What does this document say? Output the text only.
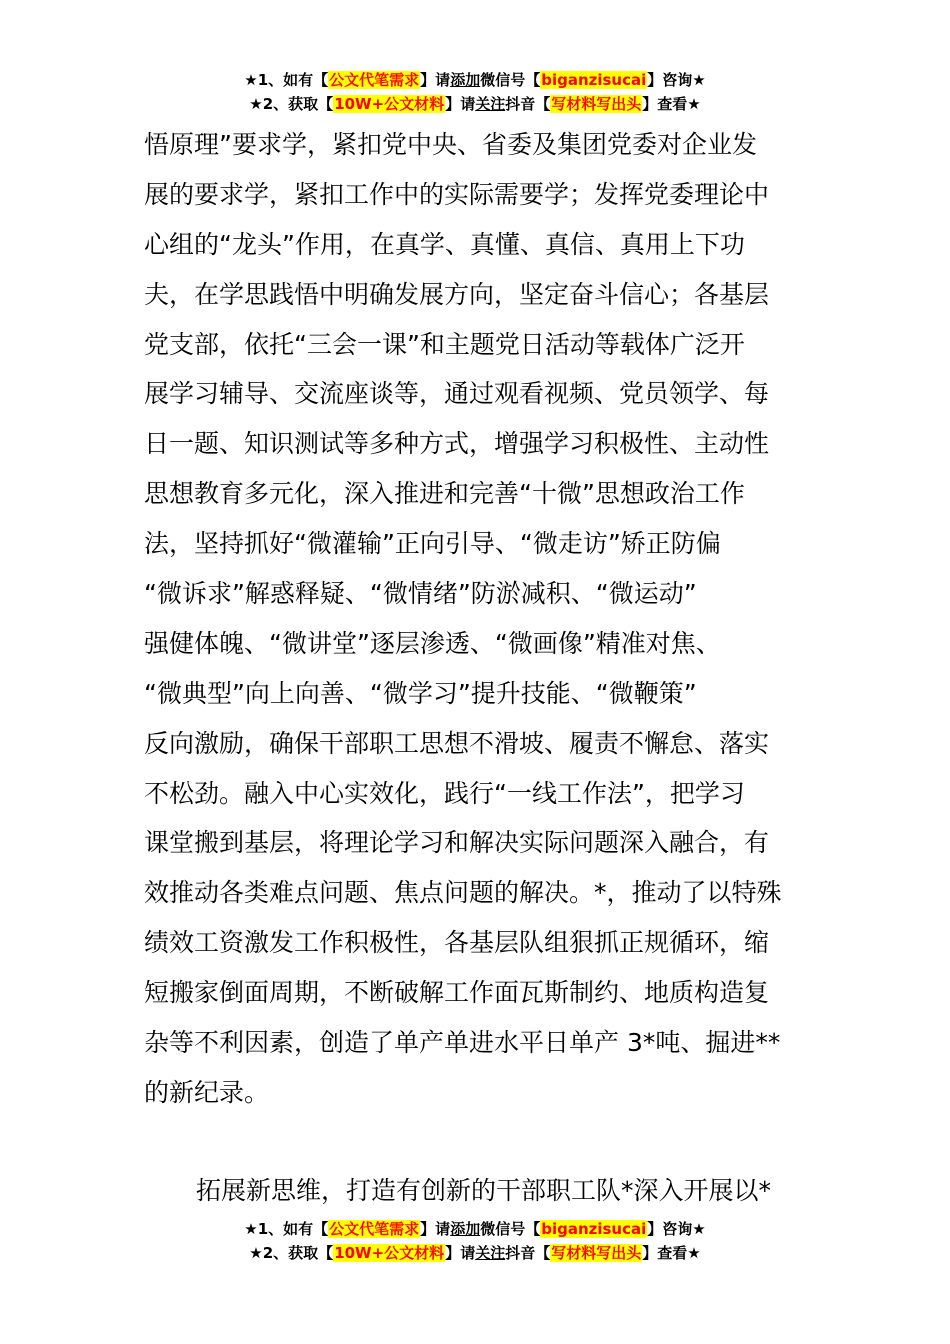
★1、如有【公文代笔需求】请添加微信号【biganzisucai】咨询★
★2、获取【10W+公文材料】请关注抖音【写材料写出头】查看★
悟原理”要求学，紧扣党中央、省委及集团党委对企业发
展的要求学，紧扣工作中的实际需要学；发挥党委理论中
心组的“龙头”作用，在真学、真懂、真信、真用上下功
夫，在学思践悟中明确发展方向，坚定奋斗信心；各基层
党支部，依托“三会一课”和主题党日活动等载体广泛开
展学习辅导、交流座谈等，通过观看视频、党员领学、每
日一题、知识测试等多种方式，增强学习积极性、主动性
思想教育多元化，深入推进和完善“十微”思想政治工作
法，坚持抓好“微灌输”正向引导、“微走访”矫正防偏
“微诉求”解惑释疑、“微情绪”防淤减积、“微运动”
强健体魄、“微讲堂”逐层渗透、“微画像”精准对焦、
“微典型”向上向善、“微学习”提升技能、“微鞭策”
反向激励，确保干部职工思想不滑坡、履责不懈怠、落实
不松劲。融入中心实效化，践行“一线工作法”，把学习
课堂搬到基层，将理论学习和解决实际问题深入融合，有
效推动各类难点问题、焦点问题的解决。*，推动了以特殊
绩效工资激发工作积极性，各基层队组狠抓正规循环，缩
短搬家倒面周期，不断破解工作面瓦斯制约、地质构造复
杂等不利因素，创造了单产单进水平日单产 3*吨、掘进**
的新纪录。
拓展新思维，打造有创新的干部职工队*深入开展以*
★1、如有【公文代笔需求】请添加微信号【biganzisucai】咨询★
★2、获取【10W+公文材料】请关注抖音【写材料写出头】查看★
